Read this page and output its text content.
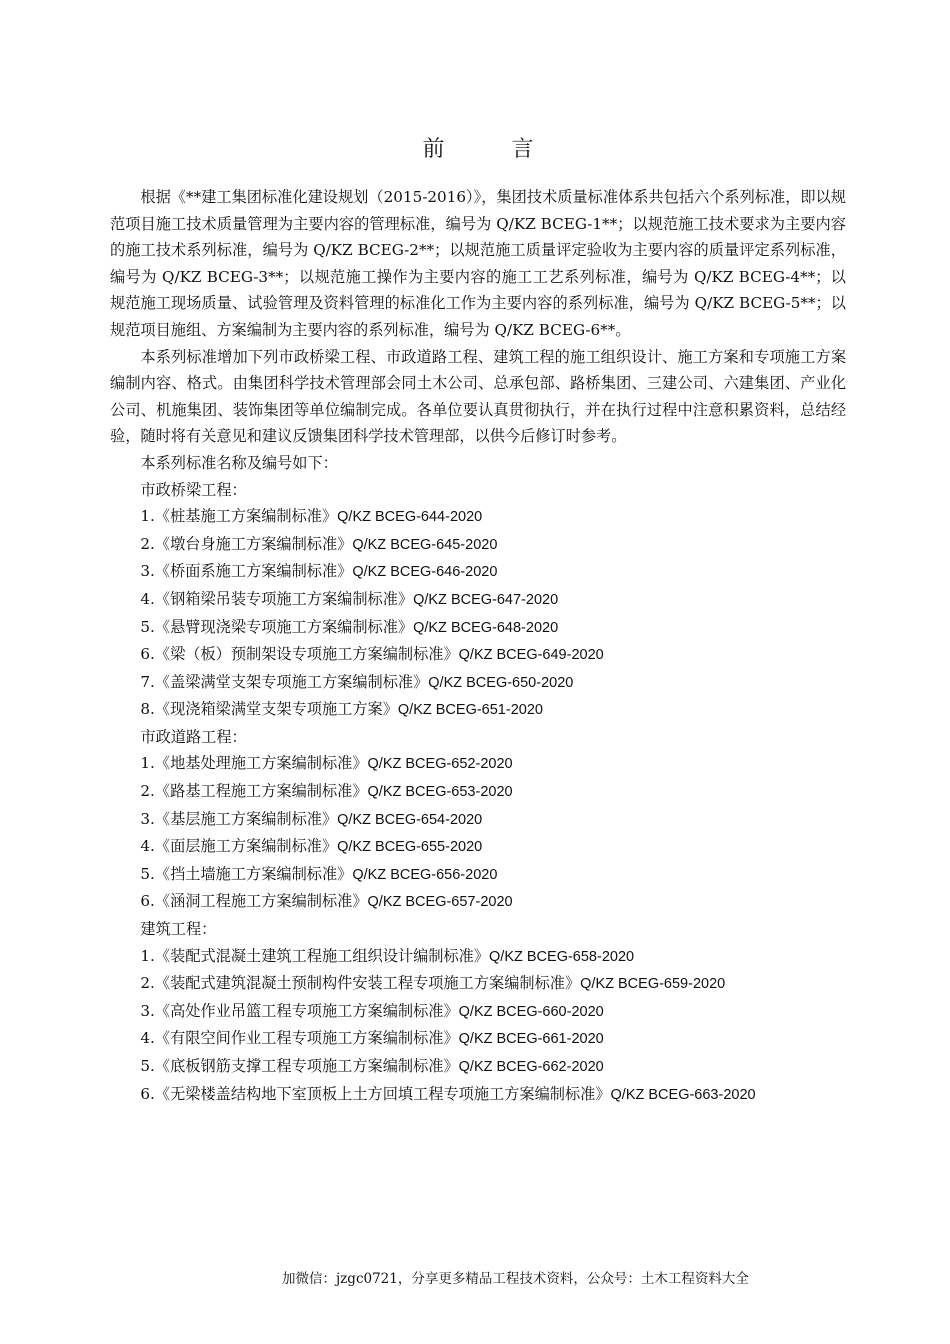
前 言

根据《**建工集团标准化建设规划（2015-2016）》，集团技术质量标准体系共包括六个系列标准，即以规范项目施工技术质量管理为主要内容的管理标准，编号为 Q/KZ BCEG-1**；以规范施工技术要求为主要内容的施工技术系列标准，编号为 Q/KZ BCEG-2**；以规范施工质量评定验收为主要内容的质量评定系列标准，编号为 Q/KZ BCEG-3**；以规范施工操作为主要内容的施工工艺系列标准，编号为 Q/KZ BCEG-4**；以规范施工现场质量、试验管理及资料管理的标准化工作为主要内容的系列标准，编号为 Q/KZ BCEG-5**；以规范项目施组、方案编制为主要内容的系列标准，编号为 Q/KZ BCEG-6**。

本系列标准增加下列市政桥梁工程、市政道路工程、建筑工程的施工组织设计、施工方案和专项施工方案编制内容、格式。由集团科学技术管理部会同土木公司、总承包部、路桥集团、三建公司、六建集团、产业化公司、机施集团、装饰集团等单位编制完成。各单位要认真贯彻执行，并在执行过程中注意积累资料，总结经验，随时将有关意见和建议反馈集团科学技术管理部，以供今后修订时参考。

本系列标准名称及编号如下：

市政桥梁工程：

1.《桩基施工方案编制标准》Q/KZ BCEG-644-2020
2.《墩台身施工方案编制标准》Q/KZ BCEG-645-2020
3.《桥面系施工方案编制标准》Q/KZ BCEG-646-2020
4.《钢箱梁吊装专项施工方案编制标准》Q/KZ BCEG-647-2020
5.《悬臂现浇梁专项施工方案编制标准》Q/KZ BCEG-648-2020
6.《梁（板）预制架设专项施工方案编制标准》Q/KZ BCEG-649-2020
7.《盖梁满堂支架专项施工方案编制标准》Q/KZ BCEG-650-2020
8.《现浇箱梁满堂支架专项施工方案》Q/KZ BCEG-651-2020

市政道路工程：

1.《地基处理施工方案编制标准》Q/KZ BCEG-652-2020
2.《路基工程施工方案编制标准》Q/KZ BCEG-653-2020
3.《基层施工方案编制标准》Q/KZ BCEG-654-2020
4.《面层施工方案编制标准》Q/KZ BCEG-655-2020
5.《挡土墙施工方案编制标准》Q/KZ BCEG-656-2020
6.《涵洞工程施工方案编制标准》Q/KZ BCEG-657-2020

建筑工程：

1.《装配式混凝土建筑工程施工组织设计编制标准》Q/KZ BCEG-658-2020
2.《装配式建筑混凝土预制构件安装工程专项施工方案编制标准》Q/KZ BCEG-659-2020
3.《高处作业吊篮工程专项施工方案编制标准》Q/KZ BCEG-660-2020
4.《有限空间作业工程专项施工方案编制标准》Q/KZ BCEG-661-2020
5.《底板钢筋支撑工程专项施工方案编制标准》Q/KZ BCEG-662-2020
6.《无梁楼盖结构地下室顶板上土方回填工程专项施工方案编制标准》Q/KZ BCEG-663-2020
加微信：jzgc0721，分享更多精品工程技术资料，公众号：土木工程资料大全
